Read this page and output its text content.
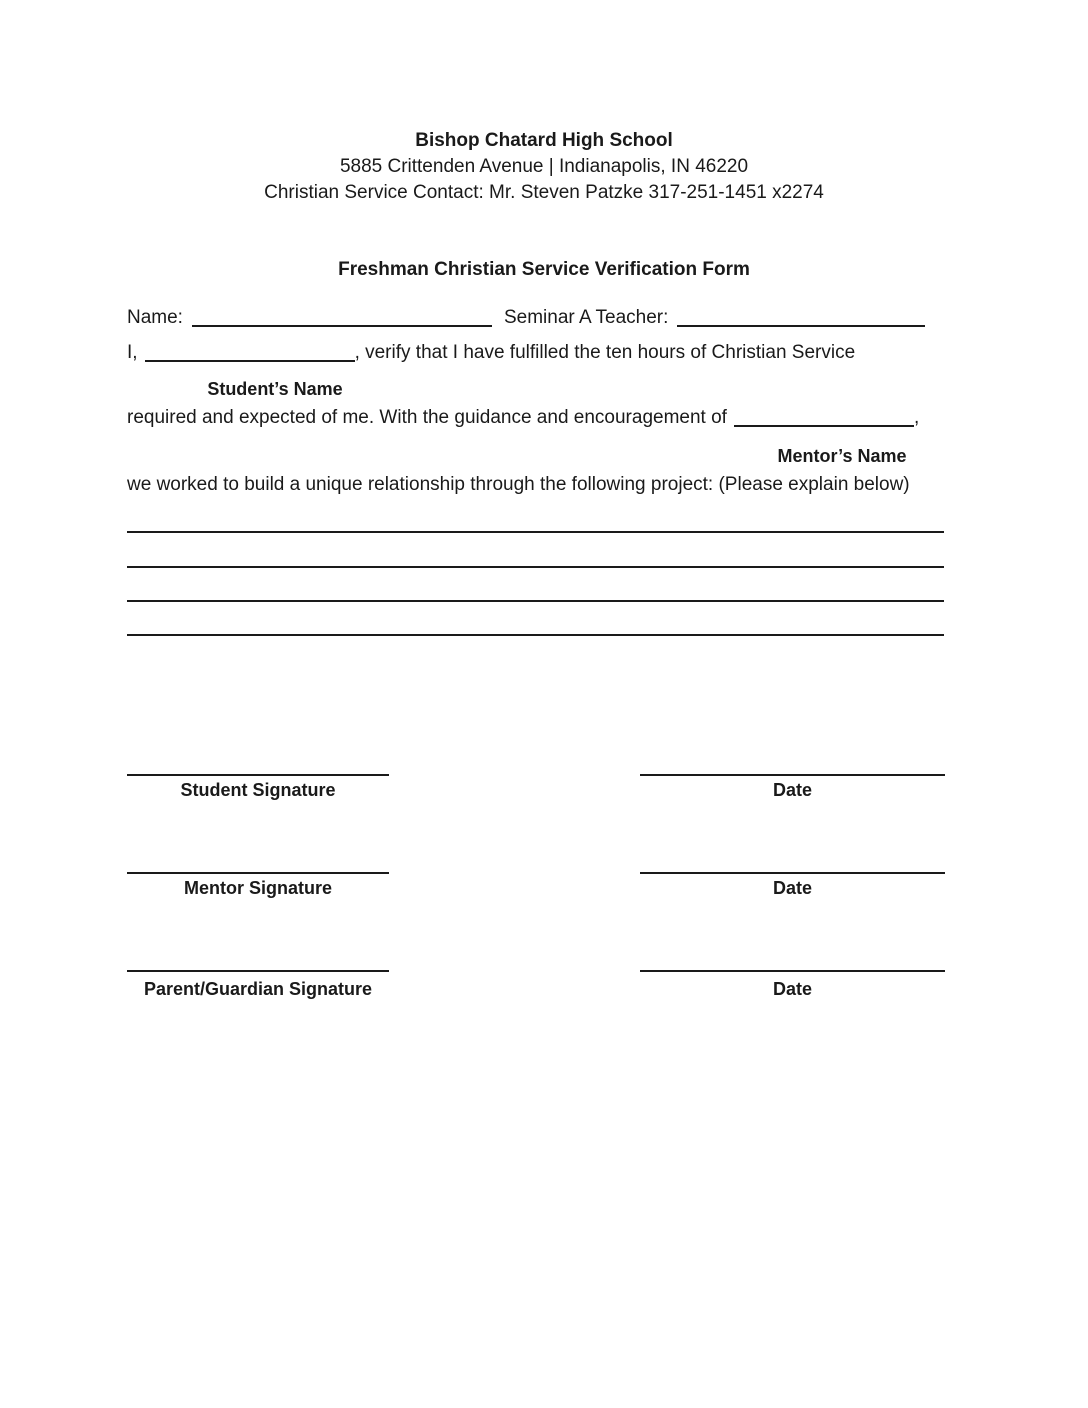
Bishop Chatard High School
5885 Crittenden Avenue | Indianapolis, IN 46220
Christian Service Contact: Mr. Steven Patzke 317-251-1451 x2274
Freshman Christian Service Verification Form
Name:	Seminar A Teacher:
I,	, verify that I have fulfilled the ten hours of Christian Service
Student’s Name
required and expected of me. With the guidance and encouragement of	,
Mentor’s Name
we worked to build a unique relationship through the following project: (Please explain below)
Student Signature	Date
Mentor Signature	Date
Parent/Guardian Signature	Date
